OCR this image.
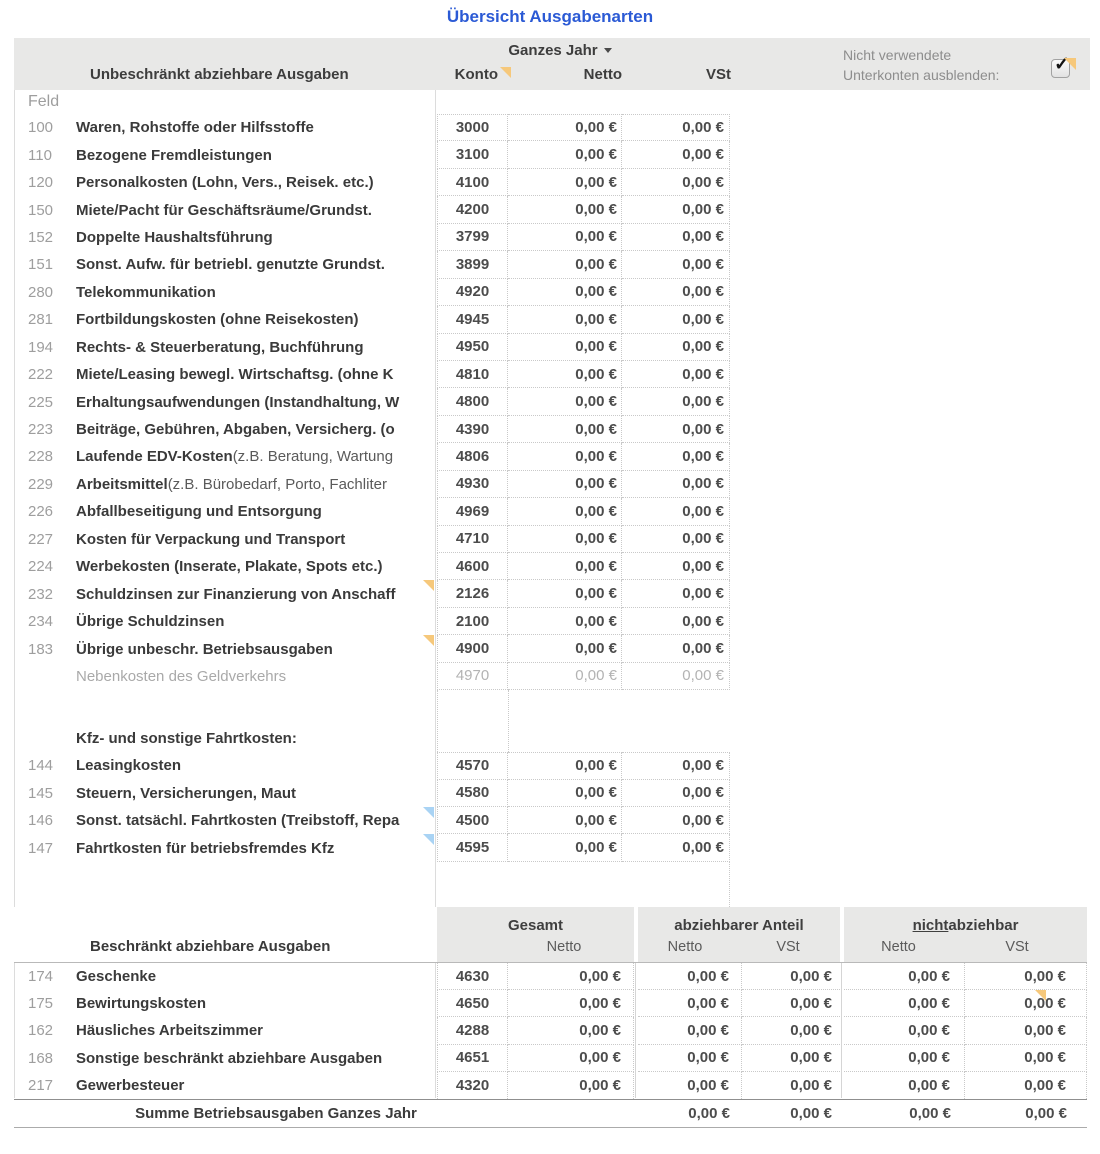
Übersicht Ausgabenarten
Ganzes Jahr
Unbeschränkt abziehbare Ausgaben	Konto	Netto	VSt
Nicht verwendete
Unterkonten ausblenden:	✓
Feld
100	Waren, Rohstoffe oder Hilfsstoffe	3000	0,00 €	0,00 €
110	Bezogene Fremdleistungen	3100	0,00 €	0,00 €
120	Personalkosten (Lohn, Vers., Reisek. etc.)	4100	0,00 €	0,00 €
150	Miete/Pacht für Geschäftsräume/Grundst.	4200	0,00 €	0,00 €
152	Doppelte Haushaltsführung	3799	0,00 €	0,00 €
151	Sonst. Aufw. für betriebl. genutzte Grundst.	3899	0,00 €	0,00 €
280	Telekommunikation	4920	0,00 €	0,00 €
281	Fortbildungskosten (ohne Reisekosten)	4945	0,00 €	0,00 €
194	Rechts- & Steuerberatung, Buchführung	4950	0,00 €	0,00 €
222	Miete/Leasing bewegl. Wirtschaftsg. (ohne K	4810	0,00 €	0,00 €
225	Erhaltungsaufwendungen (Instandhaltung, W	4800	0,00 €	0,00 €
223	Beiträge, Gebühren, Abgaben, Versicherg. (o	4390	0,00 €	0,00 €
228	Laufende EDV-Kosten (z.B. Beratung, Wartung	4806	0,00 €	0,00 €
229	Arbeitsmittel (z.B. Bürobedarf, Porto, Fachliter	4930	0,00 €	0,00 €
226	Abfallbeseitigung und Entsorgung	4969	0,00 €	0,00 €
227	Kosten für Verpackung und Transport	4710	0,00 €	0,00 €
224	Werbekosten (Inserate, Plakate, Spots etc.)	4600	0,00 €	0,00 €
232	Schuldzinsen zur Finanzierung von Anschaff	2126	0,00 €	0,00 €
234	Übrige Schuldzinsen	2100	0,00 €	0,00 €
183	Übrige unbeschr. Betriebsausgaben	4900	0,00 €	0,00 €
Nebenkosten des Geldverkehrs	4970	0,00 €	0,00 €
Kfz- und sonstige Fahrtkosten:
144	Leasingkosten	4570	0,00 €	0,00 €
145	Steuern, Versicherungen, Maut	4580	0,00 €	0,00 €
146	Sonst. tatsächl. Fahrtkosten (Treibstoff, Repa	4500	0,00 €	0,00 €
147	Fahrtkosten für betriebsfremdes Kfz	4595	0,00 €	0,00 €
Gesamt
Netto
abziehbarer Anteil
Netto	VSt
nicht abziehbar
Netto	VSt
Beschränkt abziehbare Ausgaben
174	Geschenke	4630	0,00 €	0,00 €	0,00 €	0,00 €	0,00 €
175	Bewirtungskosten	4650	0,00 €	0,00 €	0,00 €	0,00 €	0,00 €
162	Häusliches Arbeitszimmer	4288	0,00 €	0,00 €	0,00 €	0,00 €	0,00 €
168	Sonstige beschränkt abziehbare Ausgaben	4651	0,00 €	0,00 €	0,00 €	0,00 €	0,00 €
217	Gewerbesteuer	4320	0,00 €	0,00 €	0,00 €	0,00 €	0,00 €
Summe Betriebsausgaben Ganzes Jahr	0,00 €	0,00 €	0,00 €	0,00 €
